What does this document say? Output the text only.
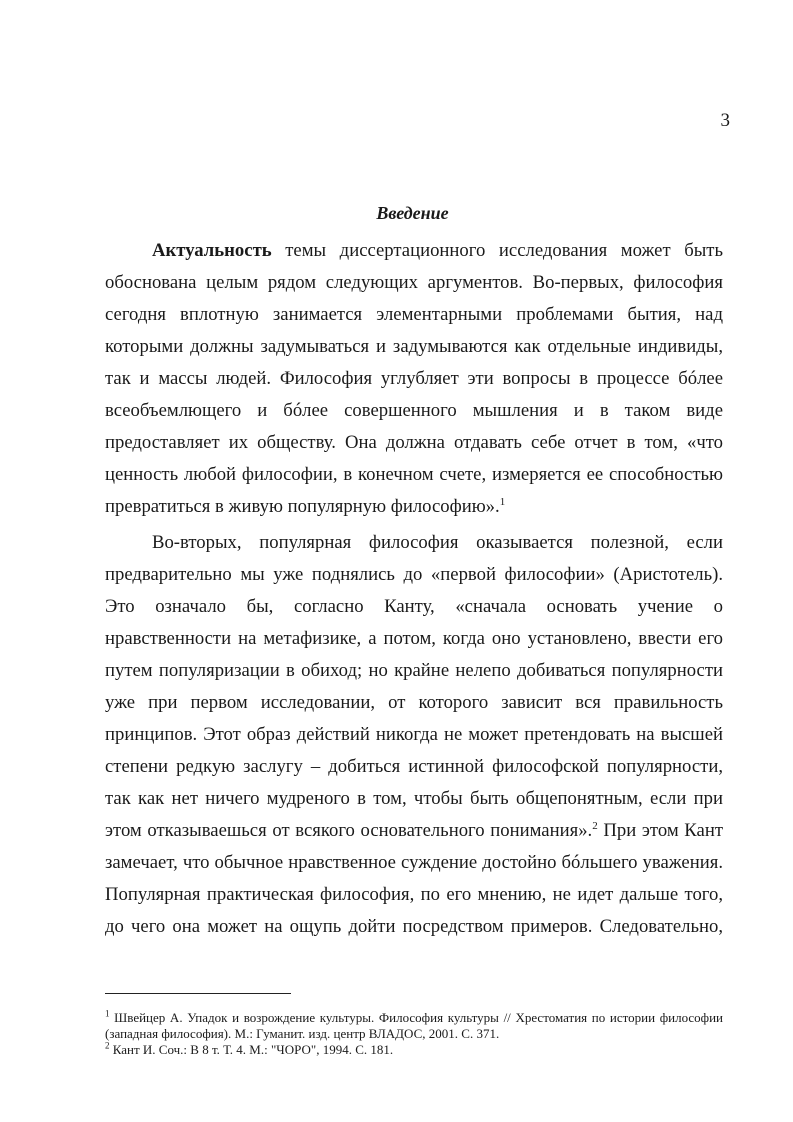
3
Введение
Актуальность темы диссертационного исследования может быть
обоснована целым рядом следующих аргументов. Во-первых, философия
сегодня вплотную занимается элементарными проблемами бытия, над
которыми должны задумываться и задумываются как отдельные индивиды,
так и массы людей. Философия углубляет эти вопросы в процессе бóлее
всеобъемлющего и бóлее совершенного мышления и в таком виде
предоставляет их обществу. Она должна отдавать себе отчет в том, «что
ценность любой философии, в конечном счете, измеряется ее способностью
превратиться в живую популярную философию».$^1$
Во-вторых, популярная философия оказывается полезной, если
предварительно мы уже поднялись до «первой философии» (Аристотель).
Это означало бы, согласно Канту, «сначала основать учение о
нравственности на метафизике, а потом, когда оно установлено, ввести его
путем популяризации в обиход; но крайне нелепо добиваться популярности
уже при первом исследовании, от которого зависит вся правильность
принципов. Этот образ действий никогда не может претендовать на высшей
степени редкую заслугу – добиться истинной философской популярности,
так как нет ничего мудреного в том, чтобы быть общепонятным, если при
этом отказываешься от всякого основательного понимания».$^2$ При этом Кант
замечает, что обычное нравственное суждение достойно бóльшего уважения.
Популярная практическая философия, по его мнению, не идет дальше того,
до чего она может на ощупь дойти посредством примеров. Следовательно,
$^1$ Швейцер А. Упадок и возрождение культуры. Философия культуры // Хрестоматия по истории философии
(западная философия). М.: Гуманит. изд. центр ВЛАДОС, 2001. С. 371.
$^2$ Кант И. Соч.: В 8 т. Т. 4. М.: "ЧОРО", 1994. С. 181.
